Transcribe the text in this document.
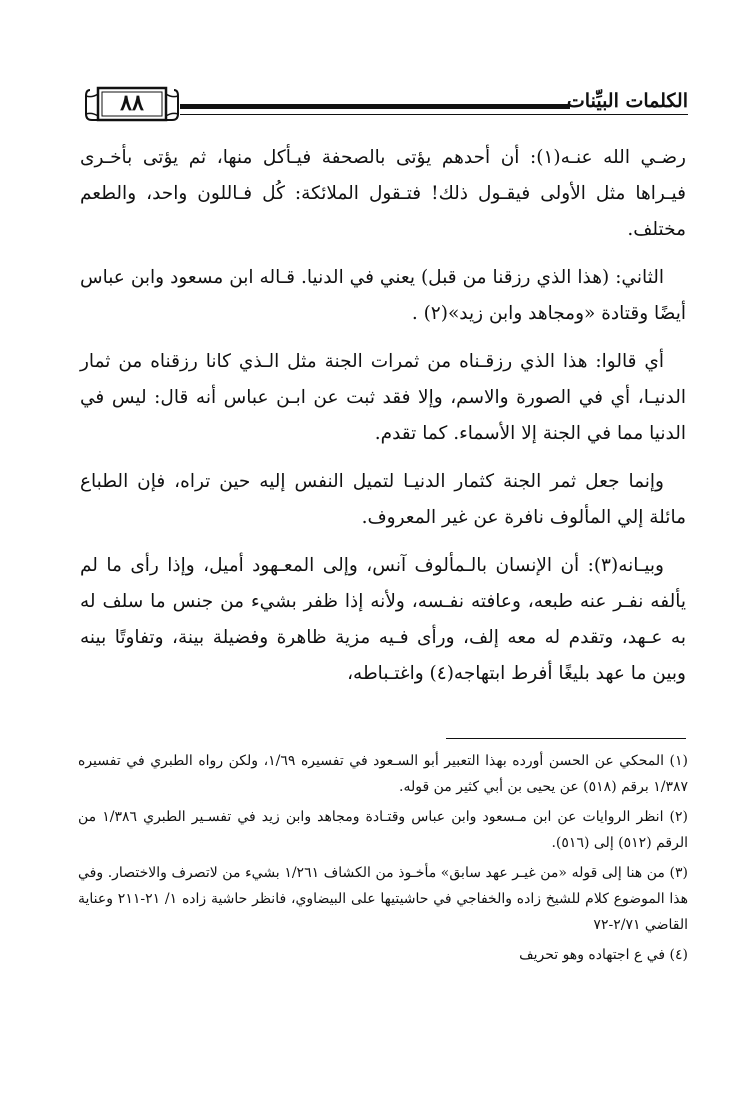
٨٨	الكلمات البيِّنات

رضـي الله عنـه(١): أن أحدهم يؤتى بالصحفة فيـأكل منها، ثم يؤتى بأخـرى فيـراها مثل الأولى فيقـول ذلك! فتـقول الملائكة: كُل فـاللون واحد، والطعم مختلف.

الثاني: (هذا الذي رزقنا من قبل) يعني في الدنيا. قـاله ابن مسعود وابن عباس أيضًا وقتادة «ومجاهد وابن زيد»(٢) .

أي قالوا: هذا الذي رزقـناه من ثمرات الجنة مثل الـذي كانا رزقناه من ثمار الدنيـا، أي في الصورة والاسم، وإلا فقد ثبت عن ابـن عباس أنه قال: ليس في الدنيا مما في الجنة إلا الأسماء. كما تقدم.

وإنما جعل ثمر الجنة كثمار الدنيـا لتميل النفس إليه حين تراه، فإن الطباع مائلة إلي المألوف نافرة عن غير المعروف.

وبيـانه(٣): أن الإنسان بالـمألوف آنس، وإلى المعـهود أميل، وإذا رأى ما لم يألفه نفـر عنه طبعه، وعافته نفـسه، ولأنه إذا ظفر بشيء من جنس ما سلف له به عـهد، وتقدم له معه إلف، ورأى فـيه مزية ظاهرة وفضيلة بينة، وتفاوتًا بينه وبين ما عهد بليغًا أفرط ابتهاجه(٤) واغتـباطه،

(١) المحكي عن الحسن أورده بهذا التعبير أبو السـعود في تفسيره ١/٦٩، ولكن رواه الطبري في تفسيره ١/٣٨٧ برقم (٥١٨) عن يحيى بن أبي كثير من قوله.

(٢) انظر الروايات عن ابن مـسعود وابن عباس وقتـادة ومجاهد وابن زيد في تفسـير الطبري ١/٣٨٦ من الرقم (٥١٢) إلى (٥١٦).

(٣) من هنا إلى قوله «من غيـر عهد سابق» مأخـوذ من الكشاف ١/٢٦١ بشيء من لاتصرف والاختصار. وفي هذا الموضوع كلام للشيخ زاده والخفاجي في حاشيتيها على البيضاوي، فانظر حاشية زاده ١/ ٢١-٢١١ وعناية القاضي ٢/٧١-٧٢

(٤) في ع اجتهاده وهو تحريف
